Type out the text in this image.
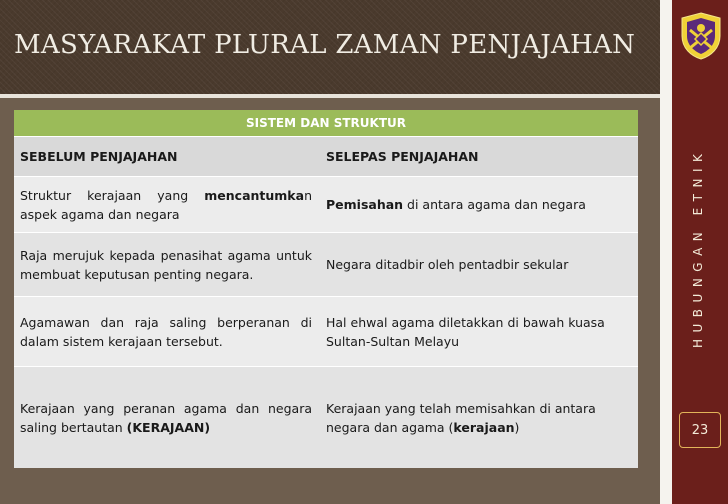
MASYARAKAT PLURAL ZAMAN PENJAJAHAN
HUBUNGAN ETNIK
23
SISTEM DAN STRUKTUR
SEBELUM PENJAJAHAN	SELEPAS PENJAJAHAN
Struktur kerajaan yang mencantumkan aspek agama dan negara
Pemisahan di antara agama dan negara
Raja merujuk kepada penasihat agama untuk membuat keputusan penting negara.
Negara ditadbir oleh pentadbir sekular
Agamawan dan raja saling berperanan di dalam sistem kerajaan tersebut.
Hal ehwal agama diletakkan di bawah kuasa Sultan-Sultan Melayu
Kerajaan yang peranan agama dan negara saling bertautan (KERAJAAN)
Kerajaan yang telah memisahkan di antara negara dan agama (kerajaan)
